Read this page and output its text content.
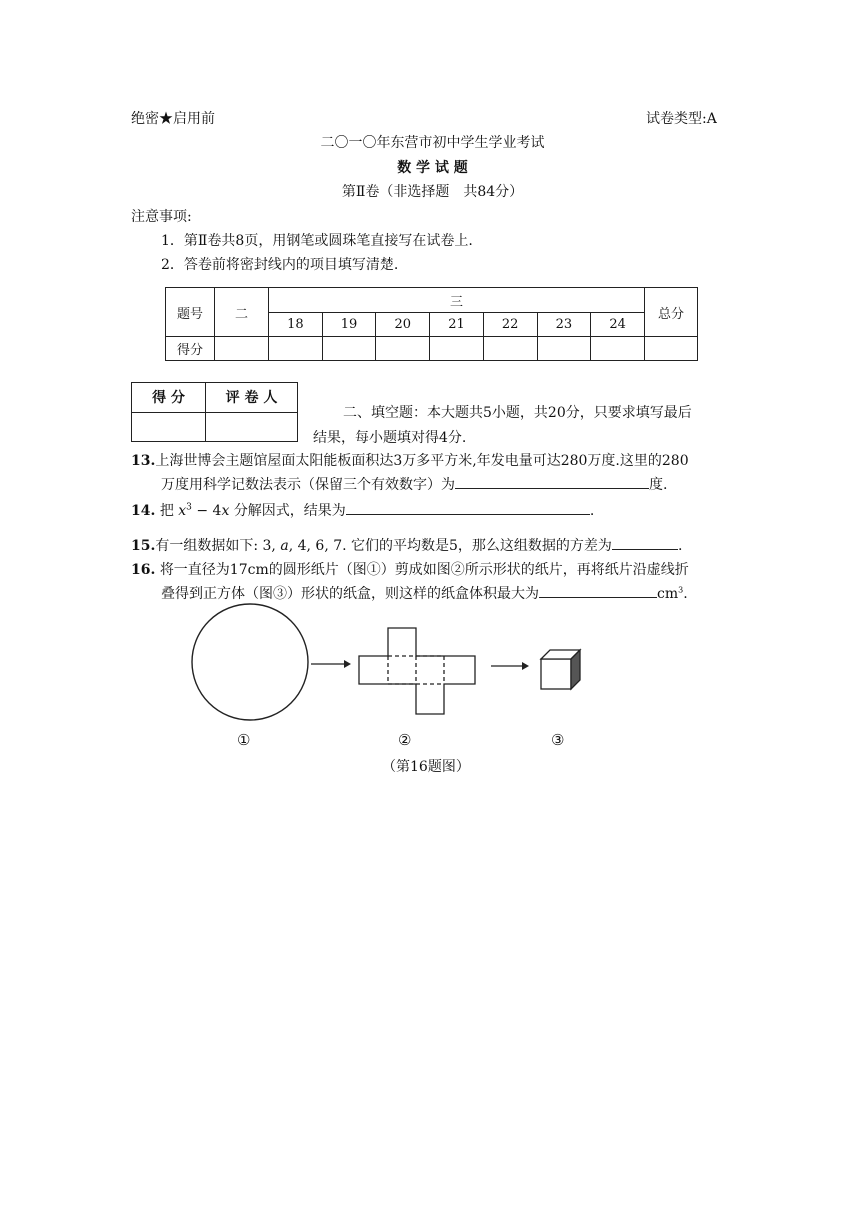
绝密★启用前	试卷类型:A
二〇一〇年东营市初中学生学业考试
数 学 试 题
第Ⅱ卷（非选择题　共84分）
注意事项:
1．第Ⅱ卷共8页，用钢笔或圆珠笔直接写在试卷上.
2．答卷前将密封线内的项目填写清楚.
题号	二	三							总分
		18	19	20	21	22	23	24	
得分									
得 分	评 卷 人

二、填空题：本大题共5小题，共20分，只要求填写最后
结果，每小题填对得4分.
13.上海世博会主题馆屋面太阳能板面积达3万多平方米,年发电量可达280万度.这里的280
万度用科学记数法表示（保留三个有效数字）为	度.
14. 把 $x^3 - 4x$ 分解因式，结果为	.
15.有一组数据如下: 3, a, 4, 6, 7. 它们的平均数是5，那么这组数据的方差为	.
16. 将一直径为17cm的圆形纸片（图①）剪成如图②所示形状的纸片，再将纸片沿虚线折
叠得到正方体（图③）形状的纸盒，则这样的纸盒体积最大为	$cm^3$.
①	②	③
（第16题图）
